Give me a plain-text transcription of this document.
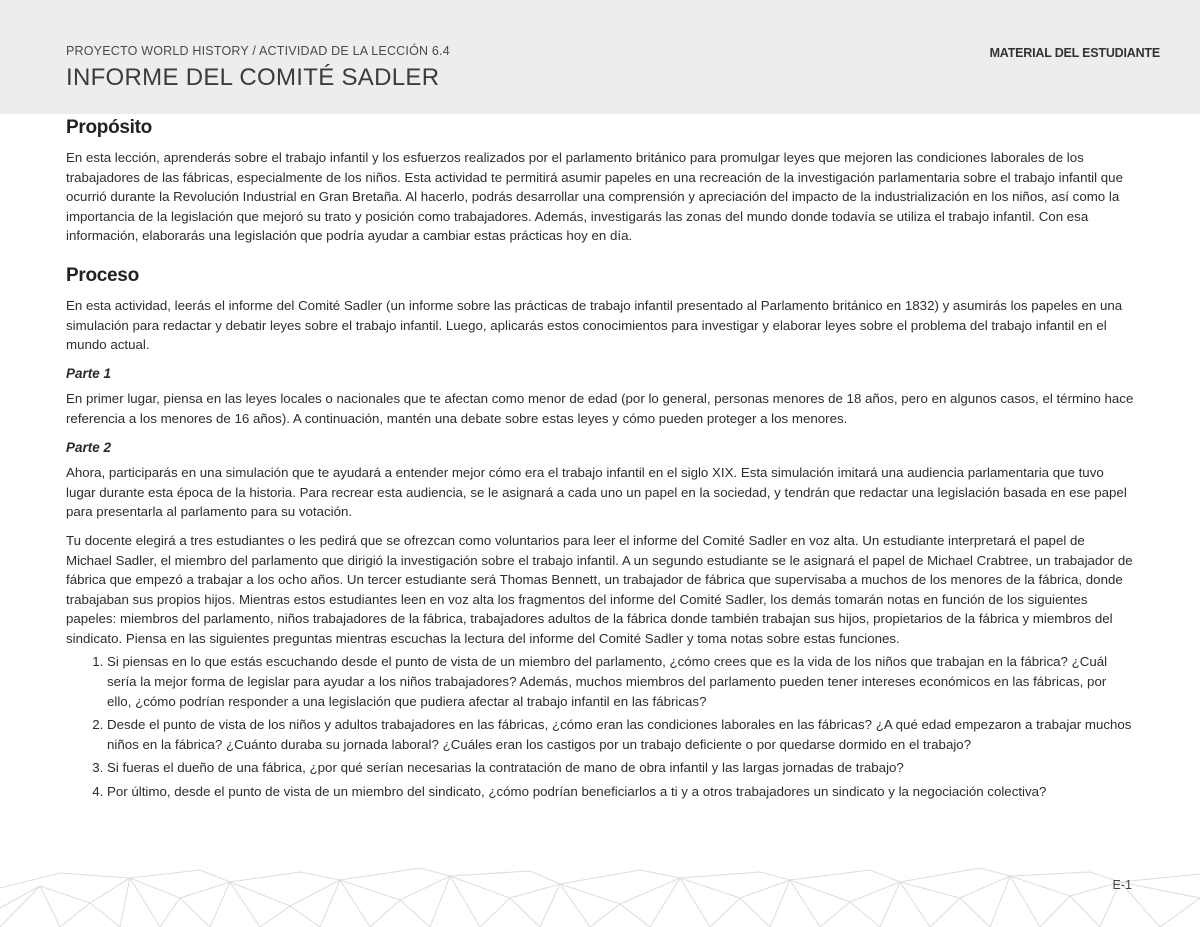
PROYECTO WORLD HISTORY / ACTIVIDAD DE LA LECCIÓN 6.4
INFORME DEL COMITÉ SADLER
MATERIAL DEL ESTUDIANTE
Propósito

En esta lección, aprenderás sobre el trabajo infantil y los esfuerzos realizados por el parlamento británico para promulgar leyes que mejoren las condiciones laborales de los trabajadores de las fábricas, especialmente de los niños. Esta actividad te permitirá asumir papeles en una recreación de la investigación parlamentaria sobre el trabajo infantil que ocurrió durante la Revolución Industrial en Gran Bretaña. Al hacerlo, podrás desarrollar una comprensión y apreciación del impacto de la industrialización en los niños, así como la importancia de la legislación que mejoró su trato y posición como trabajadores. Además, investigarás las zonas del mundo donde todavía se utiliza el trabajo infantil. Con esa información, elaborarás una legislación que podría ayudar a cambiar estas prácticas hoy en día.

Proceso

En esta actividad, leerás el informe del Comité Sadler (un informe sobre las prácticas de trabajo infantil presentado al Parlamento británico en 1832) y asumirás los papeles en una simulación para redactar y debatir leyes sobre el trabajo infantil. Luego, aplicarás estos conocimientos para investigar y elaborar leyes sobre el problema del trabajo infantil en el mundo actual.

Parte 1

En primer lugar, piensa en las leyes locales o nacionales que te afectan como menor de edad (por lo general, personas menores de 18 años, pero en algunos casos, el término hace referencia a los menores de 16 años). A continuación, mantén una debate sobre estas leyes y cómo pueden proteger a los menores.

Parte 2

Ahora, participarás en una simulación que te ayudará a entender mejor cómo era el trabajo infantil en el siglo XIX. Esta simulación imitará una audiencia parlamentaria que tuvo lugar durante esta época de la historia. Para recrear esta audiencia, se le asignará a cada uno un papel en la sociedad, y tendrán que redactar una legislación basada en ese papel para presentarla al parlamento para su votación.

Tu docente elegirá a tres estudiantes o les pedirá que se ofrezcan como voluntarios para leer el informe del Comité Sadler en voz alta. Un estudiante interpretará el papel de Michael Sadler, el miembro del parlamento que dirigió la investigación sobre el trabajo infantil. A un segundo estudiante se le asignará el papel de Michael Crabtree, un trabajador de fábrica que empezó a trabajar a los ocho años. Un tercer estudiante será Thomas Bennett, un trabajador de fábrica que supervisaba a muchos de los menores de la fábrica, donde trabajaban sus propios hijos. Mientras estos estudiantes leen en voz alta los fragmentos del informe del Comité Sadler, los demás tomarán notas en función de los siguientes papeles: miembros del parlamento, niños trabajadores de la fábrica, trabajadores adultos de la fábrica donde también trabajan sus hijos, propietarios de la fábrica y miembros del sindicato. Piensa en las siguientes preguntas mientras escuchas la lectura del informe del Comité Sadler y toma notas sobre estas funciones.

1. Si piensas en lo que estás escuchando desde el punto de vista de un miembro del parlamento, ¿cómo crees que es la vida de los niños que trabajan en la fábrica? ¿Cuál sería la mejor forma de legislar para ayudar a los niños trabajadores? Además, muchos miembros del parlamento pueden tener intereses económicos en las fábricas, por ello, ¿cómo podrían responder a una legislación que pudiera afectar al trabajo infantil en las fábricas?
2. Desde el punto de vista de los niños y adultos trabajadores en las fábricas, ¿cómo eran las condiciones laborales en las fábricas? ¿A qué edad empezaron a trabajar muchos niños en la fábrica? ¿Cuánto duraba su jornada laboral? ¿Cuáles eran los castigos por un trabajo deficiente o por quedarse dormido en el trabajo?
3. Si fueras el dueño de una fábrica, ¿por qué serían necesarias la contratación de mano de obra infantil y las largas jornadas de trabajo?
4. Por último, desde el punto de vista de un miembro del sindicato, ¿cómo podrían beneficiarlos a ti y a otros trabajadores un sindicato y la negociación colectiva?
E-1
